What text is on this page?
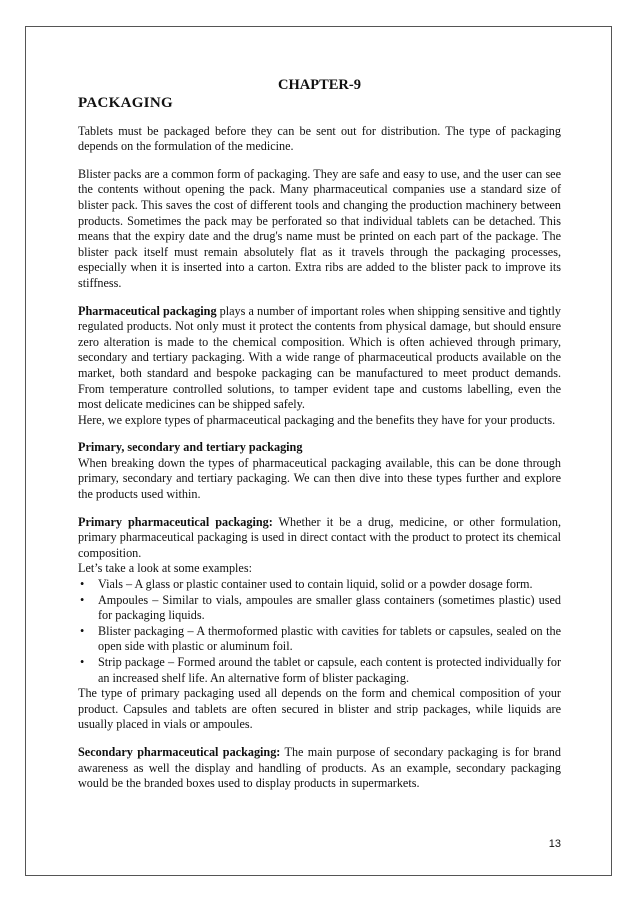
CHAPTER-9
PACKAGING

Tablets must be packaged before they can be sent out for distribution. The type of packaging depends on the formulation of the medicine.

Blister packs are a common form of packaging. They are safe and easy to use, and the user can see the contents without opening the pack. Many pharmaceutical companies use a standard size of blister pack. This saves the cost of different tools and changing the production machinery between products. Sometimes the pack may be perforated so that individual tablets can be detached. This means that the expiry date and the drug's name must be printed on each part of the package. The blister pack itself must remain absolutely flat as it travels through the packaging processes, especially when it is inserted into a carton. Extra ribs are added to the blister pack to improve its stiffness.

Pharmaceutical packaging plays a number of important roles when shipping sensitive and tightly regulated products. Not only must it protect the contents from physical damage, but should ensure zero alteration is made to the chemical composition. Which is often achieved through primary, secondary and tertiary packaging. With a wide range of pharmaceutical products available on the market, both standard and bespoke packaging can be manufactured to meet product demands. From temperature controlled solutions, to tamper evident tape and customs labelling, even the most delicate medicines can be shipped safely.

Here, we explore types of pharmaceutical packaging and the benefits they have for your products.

Primary, secondary and tertiary packaging

When breaking down the types of pharmaceutical packaging available, this can be done through primary, secondary and tertiary packaging. We can then dive into these types further and explore the products used within.

Primary pharmaceutical packaging: Whether it be a drug, medicine, or other formulation, primary pharmaceutical packaging is used in direct contact with the product to protect its chemical composition.

Let’s take a look at some examples:

• Vials – A glass or plastic container used to contain liquid, solid or a powder dosage form.
• Ampoules – Similar to vials, ampoules are smaller glass containers (sometimes plastic) used for packaging liquids.
• Blister packaging – A thermoformed plastic with cavities for tablets or capsules, sealed on the open side with plastic or aluminum foil.
• Strip package – Formed around the tablet or capsule, each content is protected individually for an increased shelf life. An alternative form of blister packaging.

The type of primary packaging used all depends on the form and chemical composition of your product. Capsules and tablets are often secured in blister and strip packages, while liquids are usually placed in vials or ampoules.

Secondary pharmaceutical packaging: The main purpose of secondary packaging is for brand awareness as well the display and handling of products. As an example, secondary packaging would be the branded boxes used to display products in supermarkets.

13
